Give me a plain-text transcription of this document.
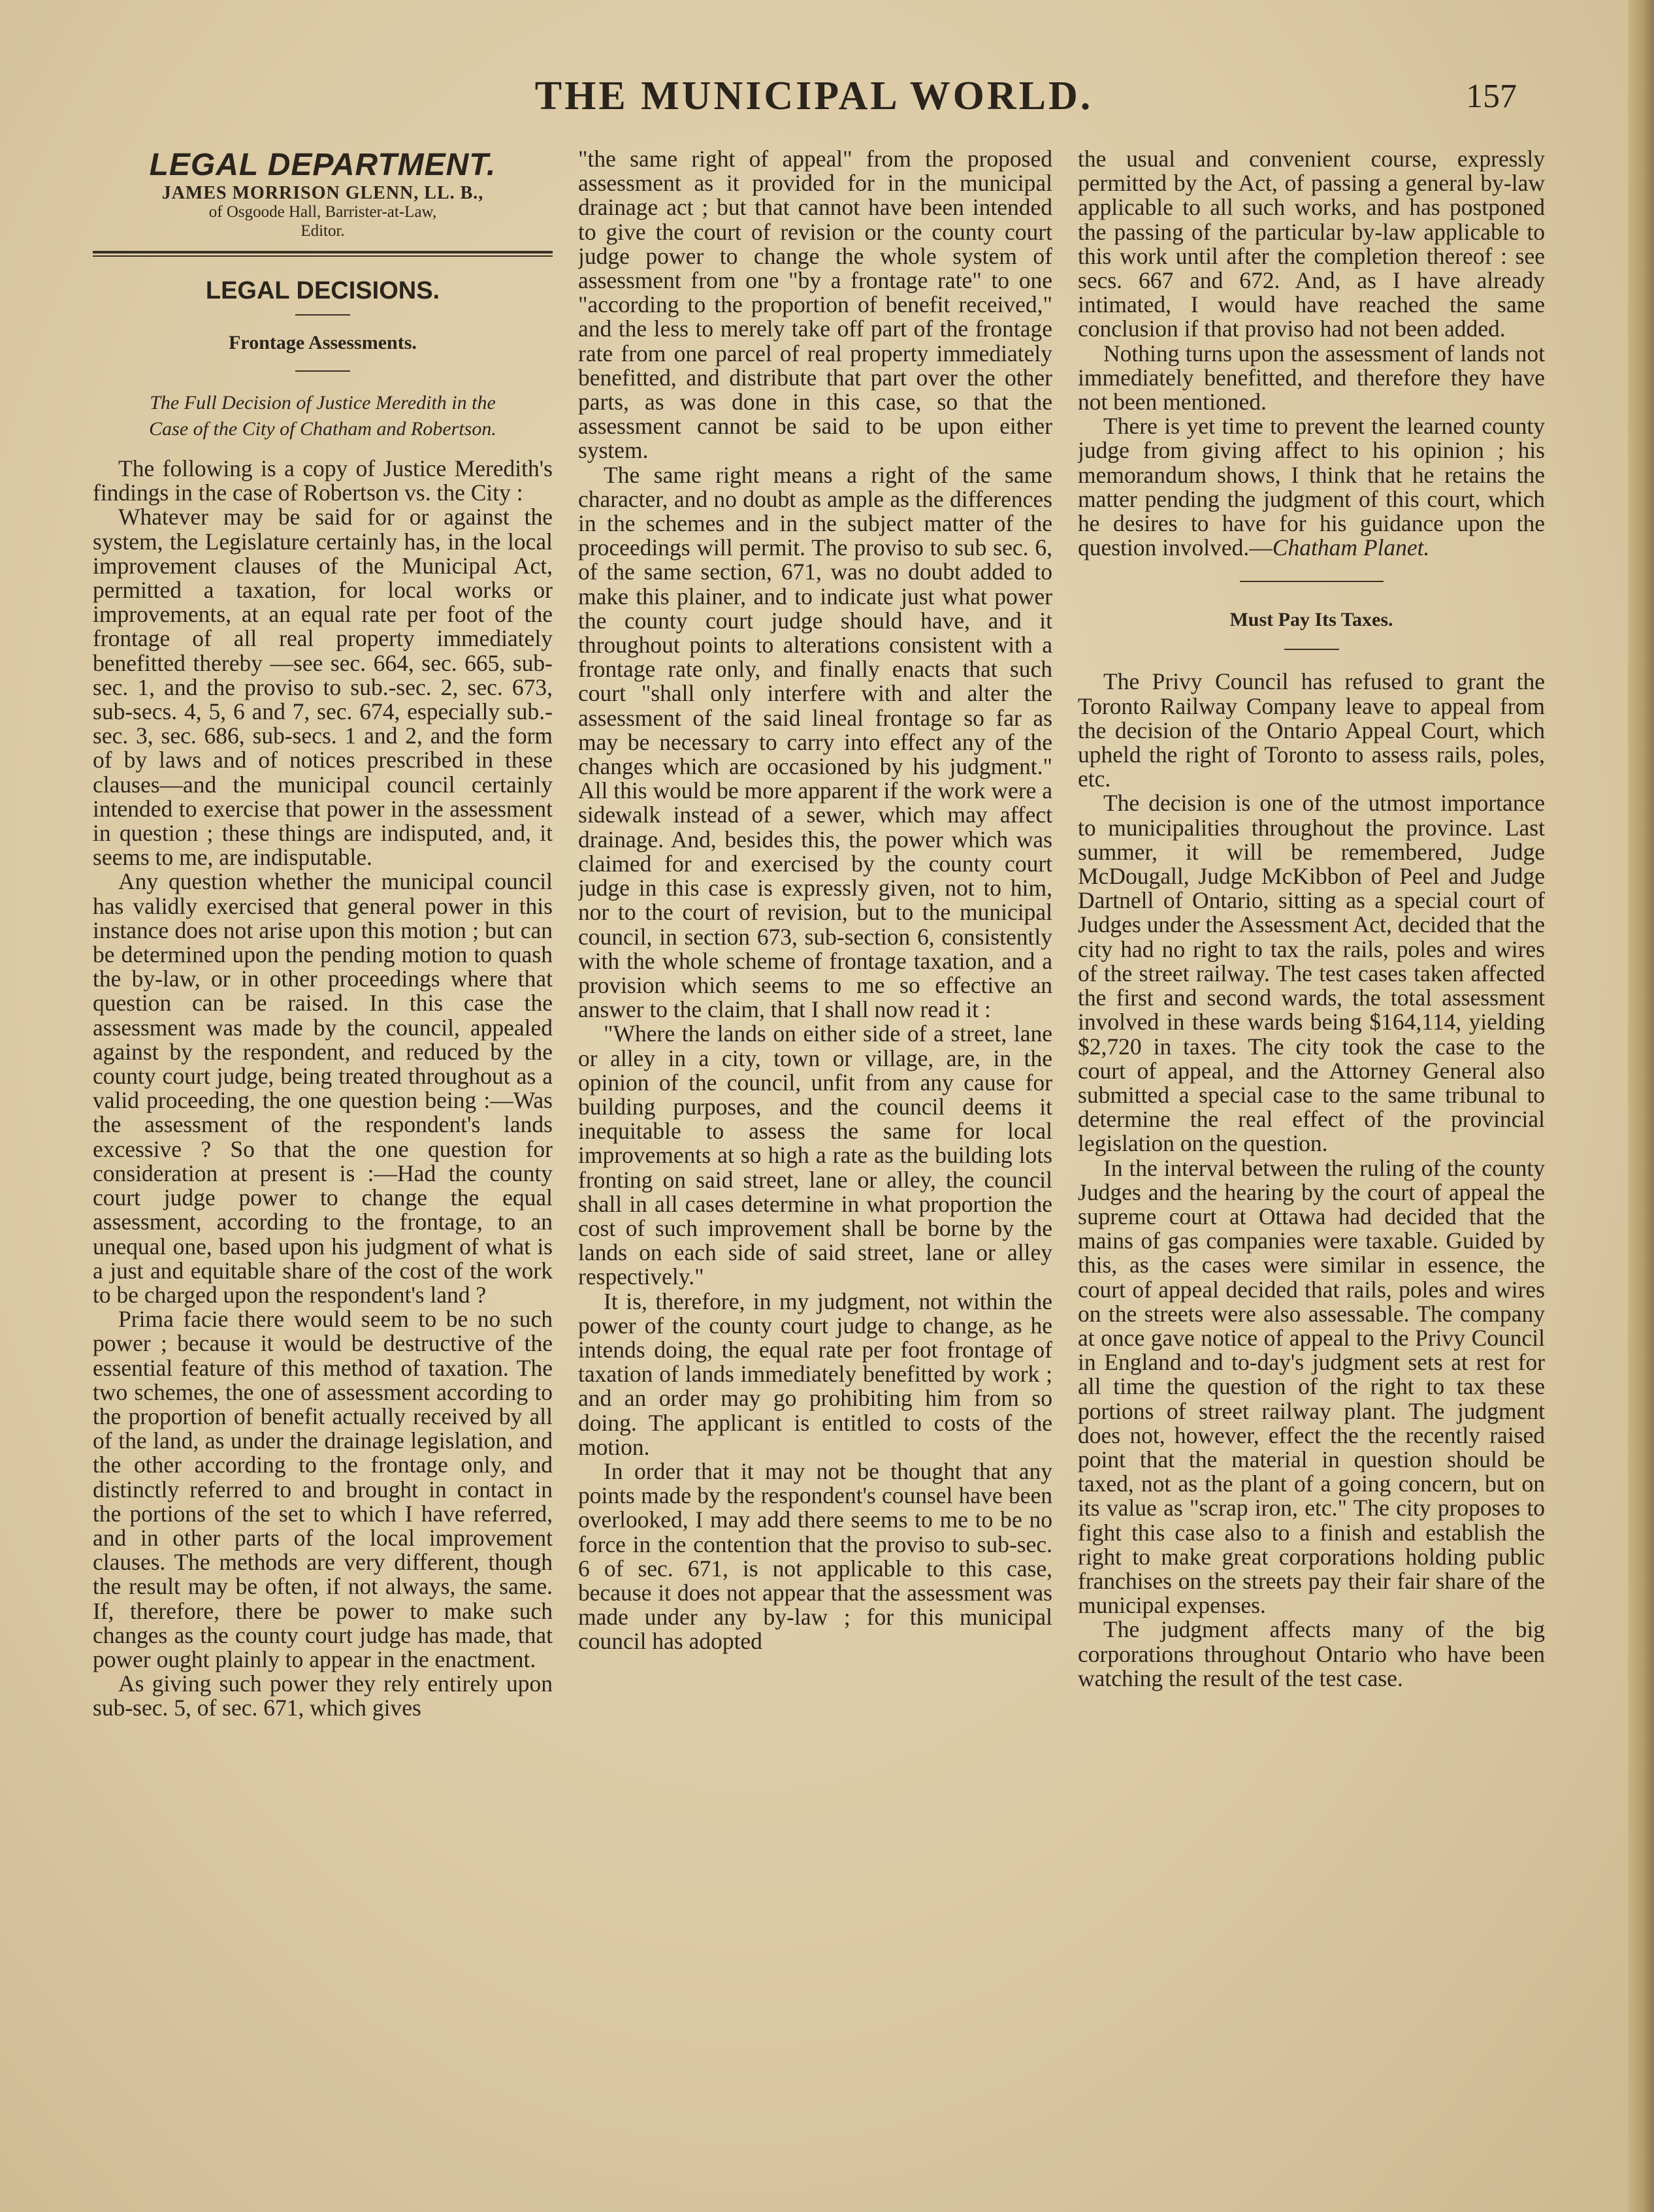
THE MUNICIPAL WORLD.	157
LEGAL DEPARTMENT.
JAMES MORRISON GLENN, LL. B.,
of Osgoode Hall, Barrister-at-Law,
Editor.
LEGAL DECISIONS.
Frontage Assessments.
The Full Decision of Justice Meredith in the
Case of the City of Chatham and Robertson.

The following is a copy of Justice Meredith's findings in the case of Robertson vs. the City :

Whatever may be said for or against the system, the Legislature certainly has, in the local improvement clauses of the Municipal Act, permitted a taxation, for local works or improvements, at an equal rate per foot of the frontage of all real property immediately benefitted thereby —see sec. 664, sec. 665, sub-sec. 1, and the proviso to sub.-sec. 2, sec. 673, sub-secs. 4, 5, 6 and 7, sec. 674, especially sub.-sec. 3, sec. 686, sub-secs. 1 and 2, and the form of by laws and of notices prescribed in these clauses—and the municipal council certainly intended to exercise that power in the assessment in question ; these things are indisputed, and, it seems to me, are indisputable.

Any question whether the municipal council has validly exercised that general power in this instance does not arise upon this motion ; but can be determined upon the pending motion to quash the by-law, or in other proceedings where that question can be raised. In this case the assessment was made by the council, appealed against by the respondent, and reduced by the county court judge, being treated throughout as a valid proceeding, the one question being :—Was the assessment of the respondent's lands excessive ? So that the one question for consideration at present is :—Had the county court judge power to change the equal assessment, according to the frontage, to an unequal one, based upon his judgment of what is a just and equitable share of the cost of the work to be charged upon the respondent's land ?

Prima facie there would seem to be no such power ; because it would be destructive of the essential feature of this method of taxation. The two schemes, the one of assessment according to the proportion of benefit actually received by all of the land, as under the drainage legislation, and the other according to the frontage only, and distinctly referred to and brought in contact in the portions of the set to which I have referred, and in other parts of the local improvement clauses. The methods are very different, though the result may be often, if not always, the same. If, therefore, there be power to make such changes as the county court judge has made, that power ought plainly to appear in the enactment.

As giving such power they rely entirely upon sub-sec. 5, of sec. 671, which gives

"the same right of appeal" from the proposed assessment as it provided for in the municipal drainage act ; but that cannot have been intended to give the court of revision or the county court judge power to change the whole system of assessment from one "by a frontage rate" to one "according to the proportion of benefit received," and the less to merely take off part of the frontage rate from one parcel of real property immediately benefitted, and distribute that part over the other parts, as was done in this case, so that the assessment cannot be said to be upon either system.

The same right means a right of the same character, and no doubt as ample as the differences in the schemes and in the subject matter of the proceedings will permit. The proviso to sub sec. 6, of the same section, 671, was no doubt added to make this plainer, and to indicate just what power the county court judge should have, and it throughout points to alterations consistent with a frontage rate only, and finally enacts that such court "shall only interfere with and alter the assessment of the said lineal frontage so far as may be necessary to carry into effect any of the changes which are occasioned by his judgment." All this would be more apparent if the work were a sidewalk instead of a sewer, which may affect drainage. And, besides this, the power which was claimed for and exercised by the county court judge in this case is expressly given, not to him, nor to the court of revision, but to the municipal council, in section 673, sub-section 6, consistently with the whole scheme of frontage taxation, and a provision which seems to me so effective an answer to the claim, that I shall now read it :

"Where the lands on either side of a street, lane or alley in a city, town or village, are, in the opinion of the council, unfit from any cause for building purposes, and the council deems it inequitable to assess the same for local improvements at so high a rate as the building lots fronting on said street, lane or alley, the council shall in all cases determine in what proportion the cost of such improvement shall be borne by the lands on each side of said street, lane or alley respectively."

It is, therefore, in my judgment, not within the power of the county court judge to change, as he intends doing, the equal rate per foot frontage of taxation of lands immediately benefitted by work ; and an order may go prohibiting him from so doing. The applicant is entitled to costs of the motion.

In order that it may not be thought that any points made by the respondent's counsel have been overlooked, I may add there seems to me to be no force in the contention that the proviso to sub-sec. 6 of sec. 671, is not applicable to this case, because it does not appear that the assessment was made under any by-law ; for this municipal council has adopted

the usual and convenient course, expressly permitted by the Act, of passing a general by-law applicable to all such works, and has postponed the passing of the particular by-law applicable to this work until after the completion thereof : see secs. 667 and 672. And, as I have already intimated, I would have reached the same conclusion if that proviso had not been added.

Nothing turns upon the assessment of lands not immediately benefitted, and therefore they have not been mentioned.

There is yet time to prevent the learned county judge from giving affect to his opinion ; his memorandum shows, I think that he retains the matter pending the judgment of this court, which he desires to have for his guidance upon the question involved.—Chatham Planet.

Must Pay Its Taxes.

The Privy Council has refused to grant the Toronto Railway Company leave to appeal from the decision of the Ontario Appeal Court, which upheld the right of Toronto to assess rails, poles, etc.

The decision is one of the utmost importance to municipalities throughout the province. Last summer, it will be remembered, Judge McDougall, Judge McKibbon of Peel and Judge Dartnell of Ontario, sitting as a special court of Judges under the Assessment Act, decided that the city had no right to tax the rails, poles and wires of the street railway. The test cases taken affected the first and second wards, the total assessment involved in these wards being $164,114, yielding $2,720 in taxes. The city took the case to the court of appeal, and the Attorney General also submitted a special case to the same tribunal to determine the real effect of the provincial legislation on the question.

In the interval between the ruling of the county Judges and the hearing by the court of appeal the supreme court at Ottawa had decided that the mains of gas companies were taxable. Guided by this, as the cases were similar in essence, the court of appeal decided that rails, poles and wires on the streets were also assessable. The company at once gave notice of appeal to the Privy Council in England and to-day's judgment sets at rest for all time the question of the right to tax these portions of street railway plant. The judgment does not, however, effect the the recently raised point that the material in question should be taxed, not as the plant of a going concern, but on its value as "scrap iron, etc." The city proposes to fight this case also to a finish and establish the right to make great corporations holding public franchises on the streets pay their fair share of the municipal expenses.

The judgment affects many of the big corporations throughout Ontario who have been watching the result of the test case.
